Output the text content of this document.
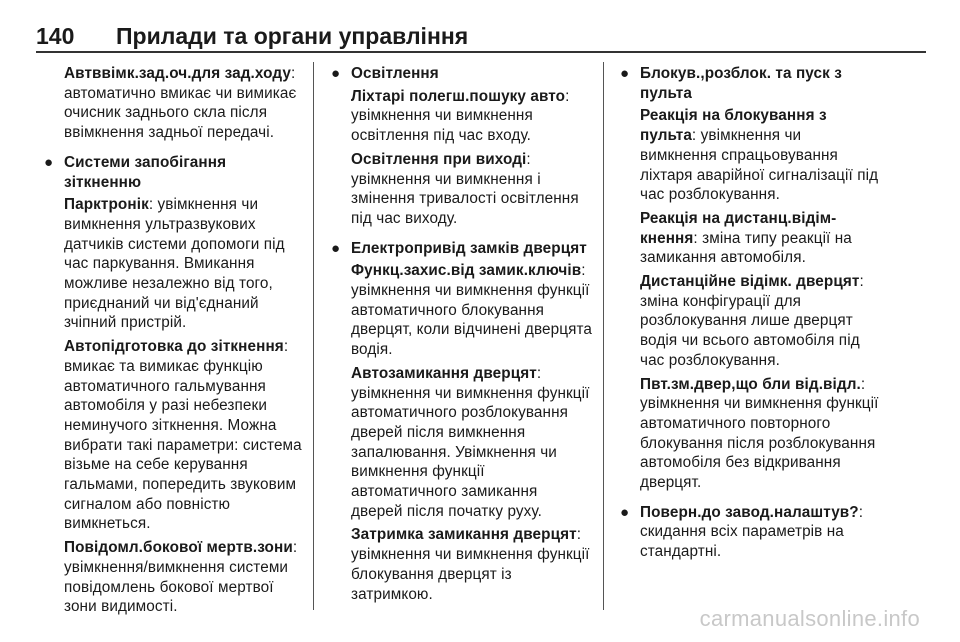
140 Прилади та органи управління

Автввімк.зад.оч.для зад.ходу: автоматично вмикає чи вимикає очисник заднього скла після ввімкнення задньої передачі.

● Системи запобігання зіткненню

Парктронік: увімкнення чи вимкнення ультразвукових датчиків системи допомоги під час паркування. Вмикання можливе незалежно від того, приєднаний чи від'єднаний зчіпний пристрій.

Автопідготовка до зіткнення: вмикає та вимикає функцію автоматичного гальмування автомобіля у разі небезпеки неминучого зіткнення. Можна вибрати такі параметри: система візьме на себе керування гальмами, попередить звуковим сигналом або повністю вимкнеться.

Повідомл.бокової мертв.зони: увімкнення/вимкнення системи повідомлень бокової мертвої зони видимості.

● Освітлення

Ліхтарі полегш.пошуку авто: увімкнення чи вимкнення освітлення під час входу.

Освітлення при виході: увімкнення чи вимкнення і змінення тривалості освітлення під час виходу.

● Електропривід замків дверцят

Функц.захис.від замик.ключів: увімкнення чи вимкнення функції автоматичного блокування дверцят, коли відчинені дверцята водія.

Автозамикання дверцят: увімкнення чи вимкнення функції автоматичного розблокування дверей після вимкнення запалювання. Увімкнення чи вимкнення функції автоматичного замикання дверей після початку руху.

Затримка замикання дверцят: увімкнення чи вимкнення функції блокування дверцят із затримкою.

● Блокув.,розблок. та пуск з пульта

Реакція на блокування з пульта: увімкнення чи вимкнення спрацьовування ліхтаря аварійної сигналізації під час розблокування.

Реакція на дистанц.відім-кнення: зміна типу реакції на замикання автомобіля.

Дистанційне відімк. дверцят: зміна конфігурації для розблокування лише дверцят водія чи всього автомобіля під час розблокування.

Пвт.зм.двер,що бли від.відл.: увімкнення чи вимкнення функції автоматичного повторного блокування після розблокування автомобіля без відкривання дверцят.

● Поверн.до завод.налаштув?: скидання всіх параметрів на стандартні.

carmanualsonline.info
